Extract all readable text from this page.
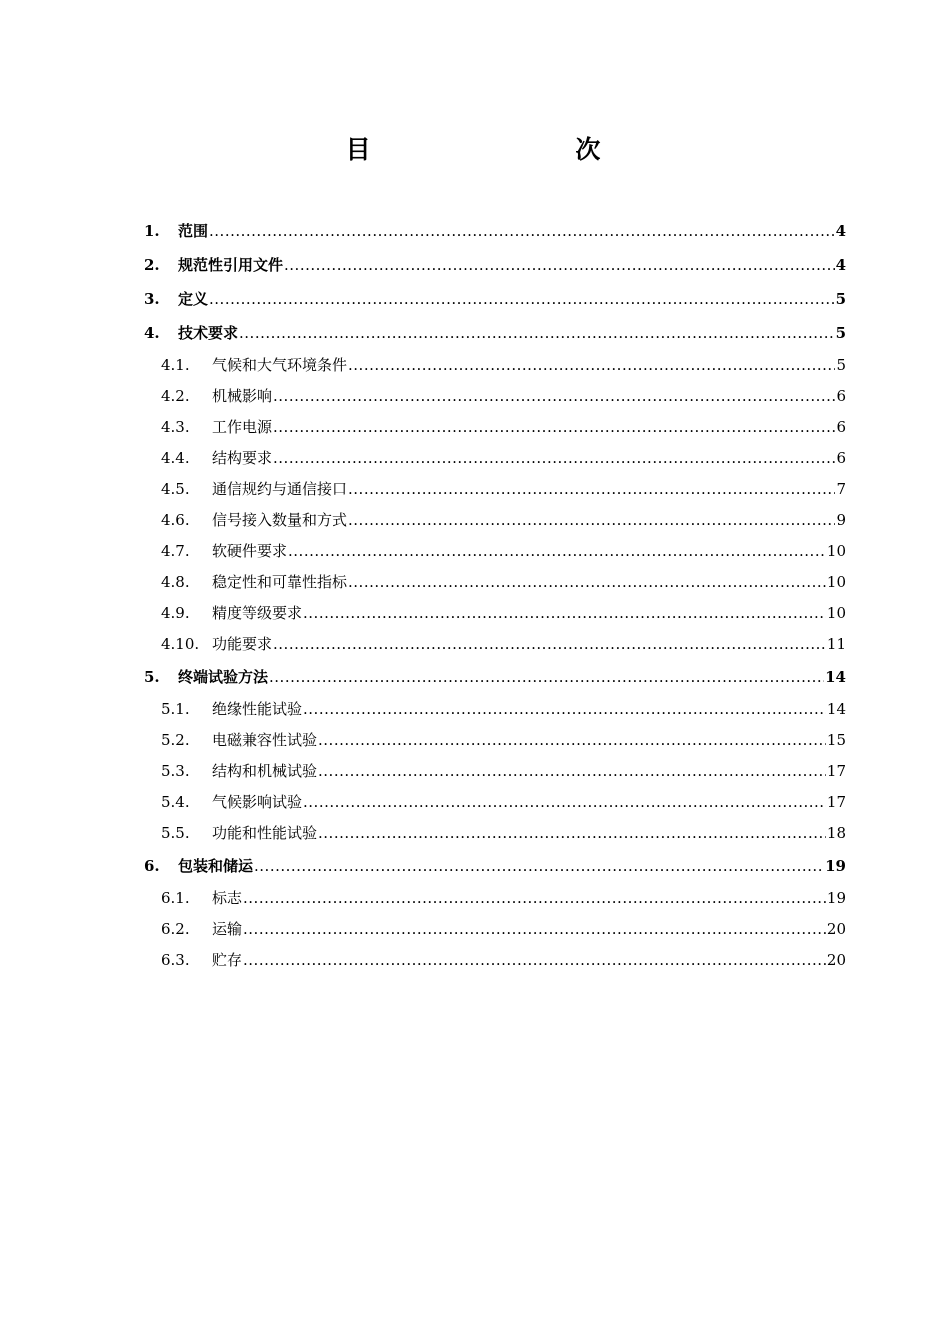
目 次
1.	范围 .....	4
2.	规范性引用文件 .....	4
3.	定义 .....	5
4.	技术要求 .....	5
4.1.	气候和大气环境条件 .....	5
4.2.	机械影响 .....	6
4.3.	工作电源 .....	6
4.4.	结构要求 .....	6
4.5.	通信规约与通信接口 .....	7
4.6.	信号接入数量和方式 .....	9
4.7.	软硬件要求 .....	10
4.8.	稳定性和可靠性指标 .....	10
4.9.	精度等级要求 .....	10
4.10. 功能要求 .....	11
5.	终端试验方法 .....	14
5.1.	绝缘性能试验 .....	14
5.2.	电磁兼容性试验 .....	15
5.3.	结构和机械试验 .....	17
5.4.	气候影响试验 .....	17
5.5.	功能和性能试验 .....	18
6.	包装和储运 .....	19
6.1.	标志 .....	19
6.2.	运输 .....	20
6.3.	贮存 .....	20
